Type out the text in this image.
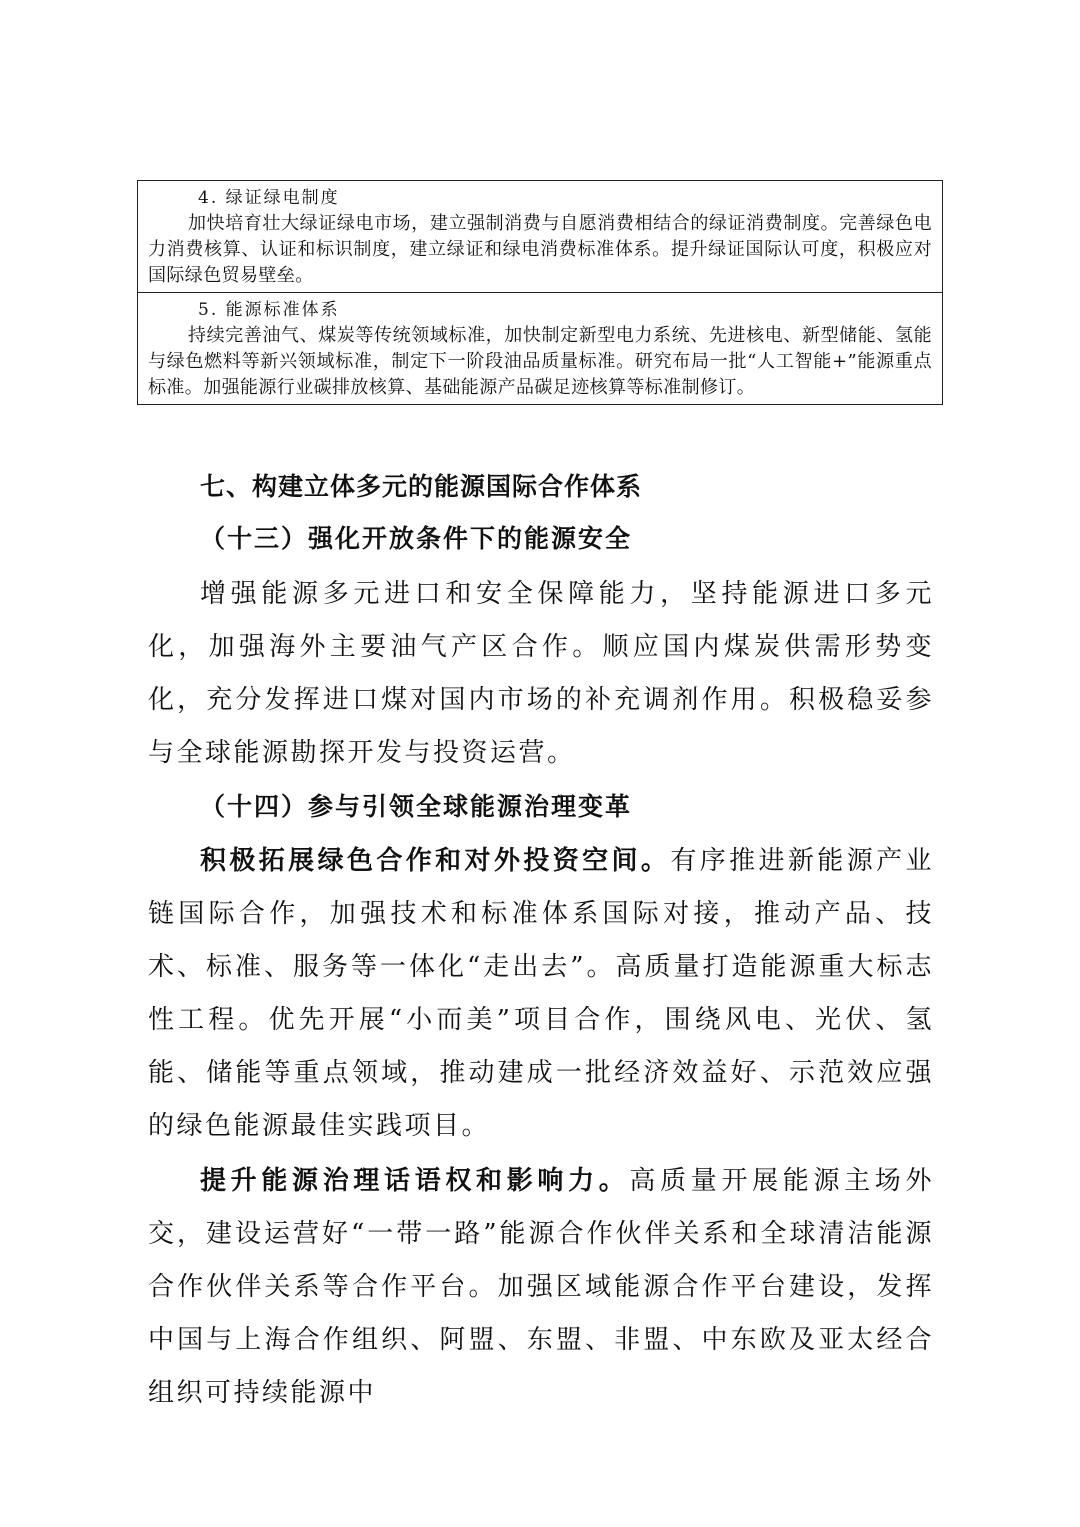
4. 绿证绿电制度

加快培育壮大绿证绿电市场，建立强制消费与自愿消费相结合的绿证消费制度。完善绿色电力消费核算、认证和标识制度，建立绿证和绿电消费标准体系。提升绿证国际认可度，积极应对国际绿色贸易壁垒。

5. 能源标准体系

持续完善油气、煤炭等传统领域标准，加快制定新型电力系统、先进核电、新型储能、氢能与绿色燃料等新兴领域标准，制定下一阶段油品质量标准。研究布局一批“人工智能+”能源重点标准。加强能源行业碳排放核算、基础能源产品碳足迹核算等标准制修订。

七、构建立体多元的能源国际合作体系
（十三）强化开放条件下的能源安全

增强能源多元进口和安全保障能力，坚持能源进口多元化，加强海外主要油气产区合作。顺应国内煤炭供需形势变化，充分发挥进口煤对国内市场的补充调剂作用。积极稳妥参与全球能源勘探开发与投资运营。

（十四）参与引领全球能源治理变革

积极拓展绿色合作和对外投资空间。有序推进新能源产业链国际合作，加强技术和标准体系国际对接，推动产品、技术、标准、服务等一体化“走出去”。高质量打造能源重大标志性工程。优先开展“小而美”项目合作，围绕风电、光伏、氢能、储能等重点领域，推动建成一批经济效益好、示范效应强的绿色能源最佳实践项目。

提升能源治理话语权和影响力。高质量开展能源主场外交，建设运营好“一带一路”能源合作伙伴关系和全球清洁能源合作伙伴关系等合作平台。加强区域能源合作平台建设，发挥中国与上海合作组织、阿盟、东盟、非盟、中东欧及亚太经合组织可持续能源中
